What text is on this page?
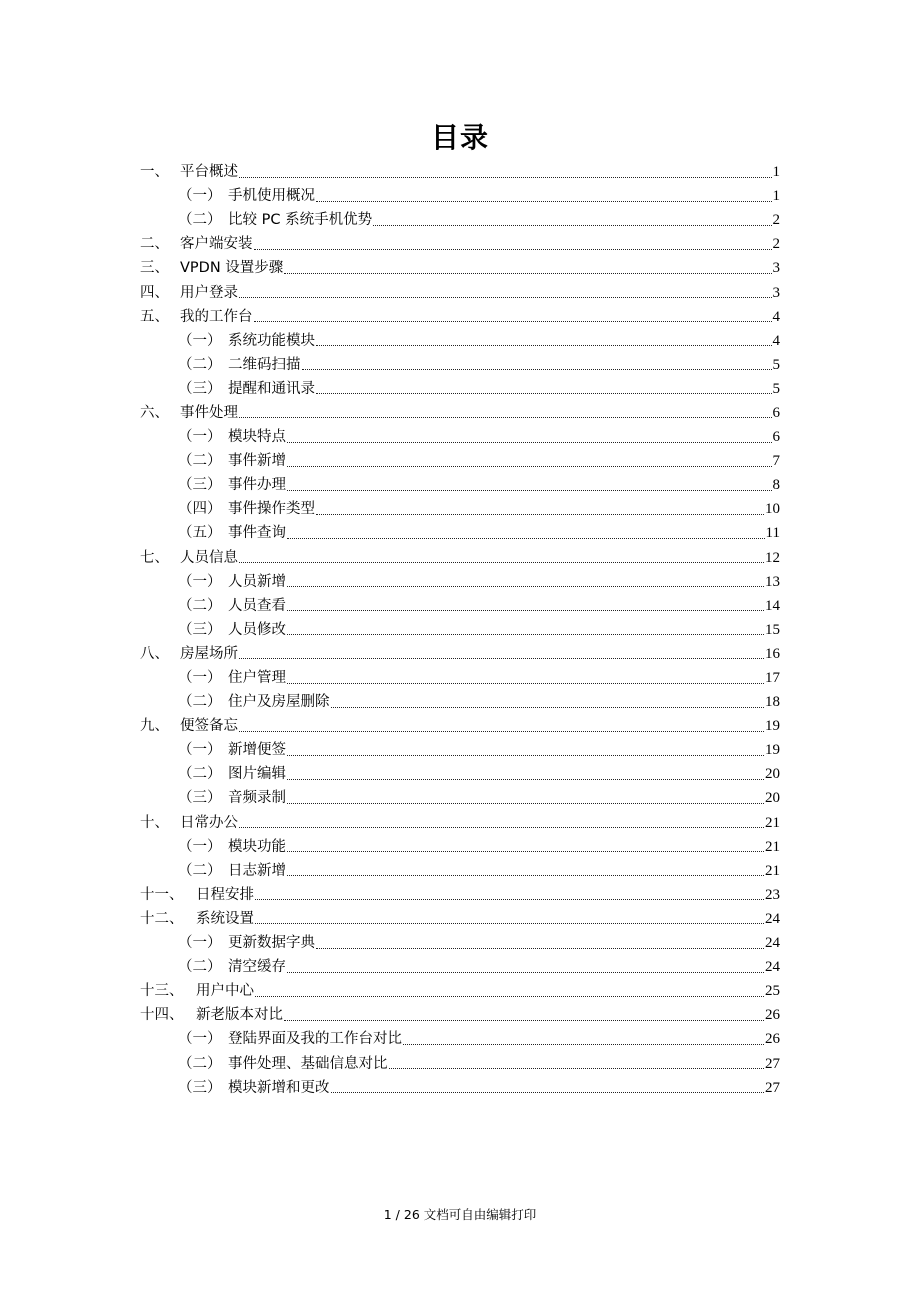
目录
一、 平台概述	1
（一） 手机使用概况	1
（二） 比较 PC 系统手机优势	2
二、 客户端安装	2
三、 VPDN 设置步骤	3
四、 用户登录	3
五、 我的工作台	4
（一） 系统功能模块	4
（二） 二维码扫描	5
（三） 提醒和通讯录	5
六、 事件处理	6
（一） 模块特点	6
（二） 事件新增	7
（三） 事件办理	8
（四） 事件操作类型	10
（五） 事件查询	11
七、 人员信息	12
（一） 人员新增	13
（二） 人员查看	14
（三） 人员修改	15
八、 房屋场所	16
（一） 住户管理	17
（二） 住户及房屋删除	18
九、 便签备忘	19
（一） 新增便签	19
（二） 图片编辑	20
（三） 音频录制	20
十、 日常办公	21
（一） 模块功能	21
（二） 日志新增	21
十一、 日程安排	23
十二、 系统设置	24
（一） 更新数据字典	24
（二） 清空缓存	24
十三、 用户中心	25
十四、 新老版本对比	26
（一） 登陆界面及我的工作台对比	26
（二） 事件处理、基础信息对比	27
（三） 模块新增和更改	27
1 / 26 文档可自由编辑打印
